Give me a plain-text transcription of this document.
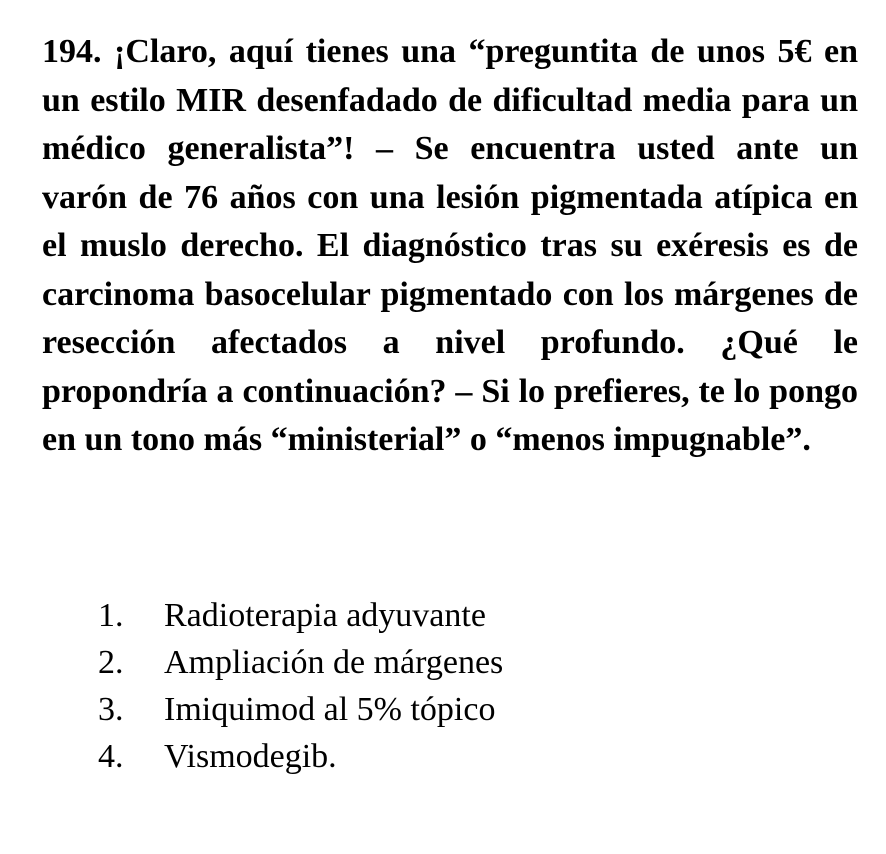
194. ¡Claro, aquí tienes una “preguntita de unos 5€ en un estilo MIR desenfadado de dificultad media para un médico generalista”! – Se encuentra usted ante un varón de 76 años con una lesión pigmentada atípica en el muslo derecho. El diagnóstico tras su exéresis es de carcinoma basocelular pigmentado con los márgenes de resección afectados a nivel profundo. ¿Qué le propondría a continuación? – Si lo prefieres, te lo pongo en un tono más “ministerial” o “menos impugnable”.
1.	Radioterapia adyuvante
2.	Ampliación de márgenes
3.	Imiquimod al 5% tópico
4.	Vismodegib.
